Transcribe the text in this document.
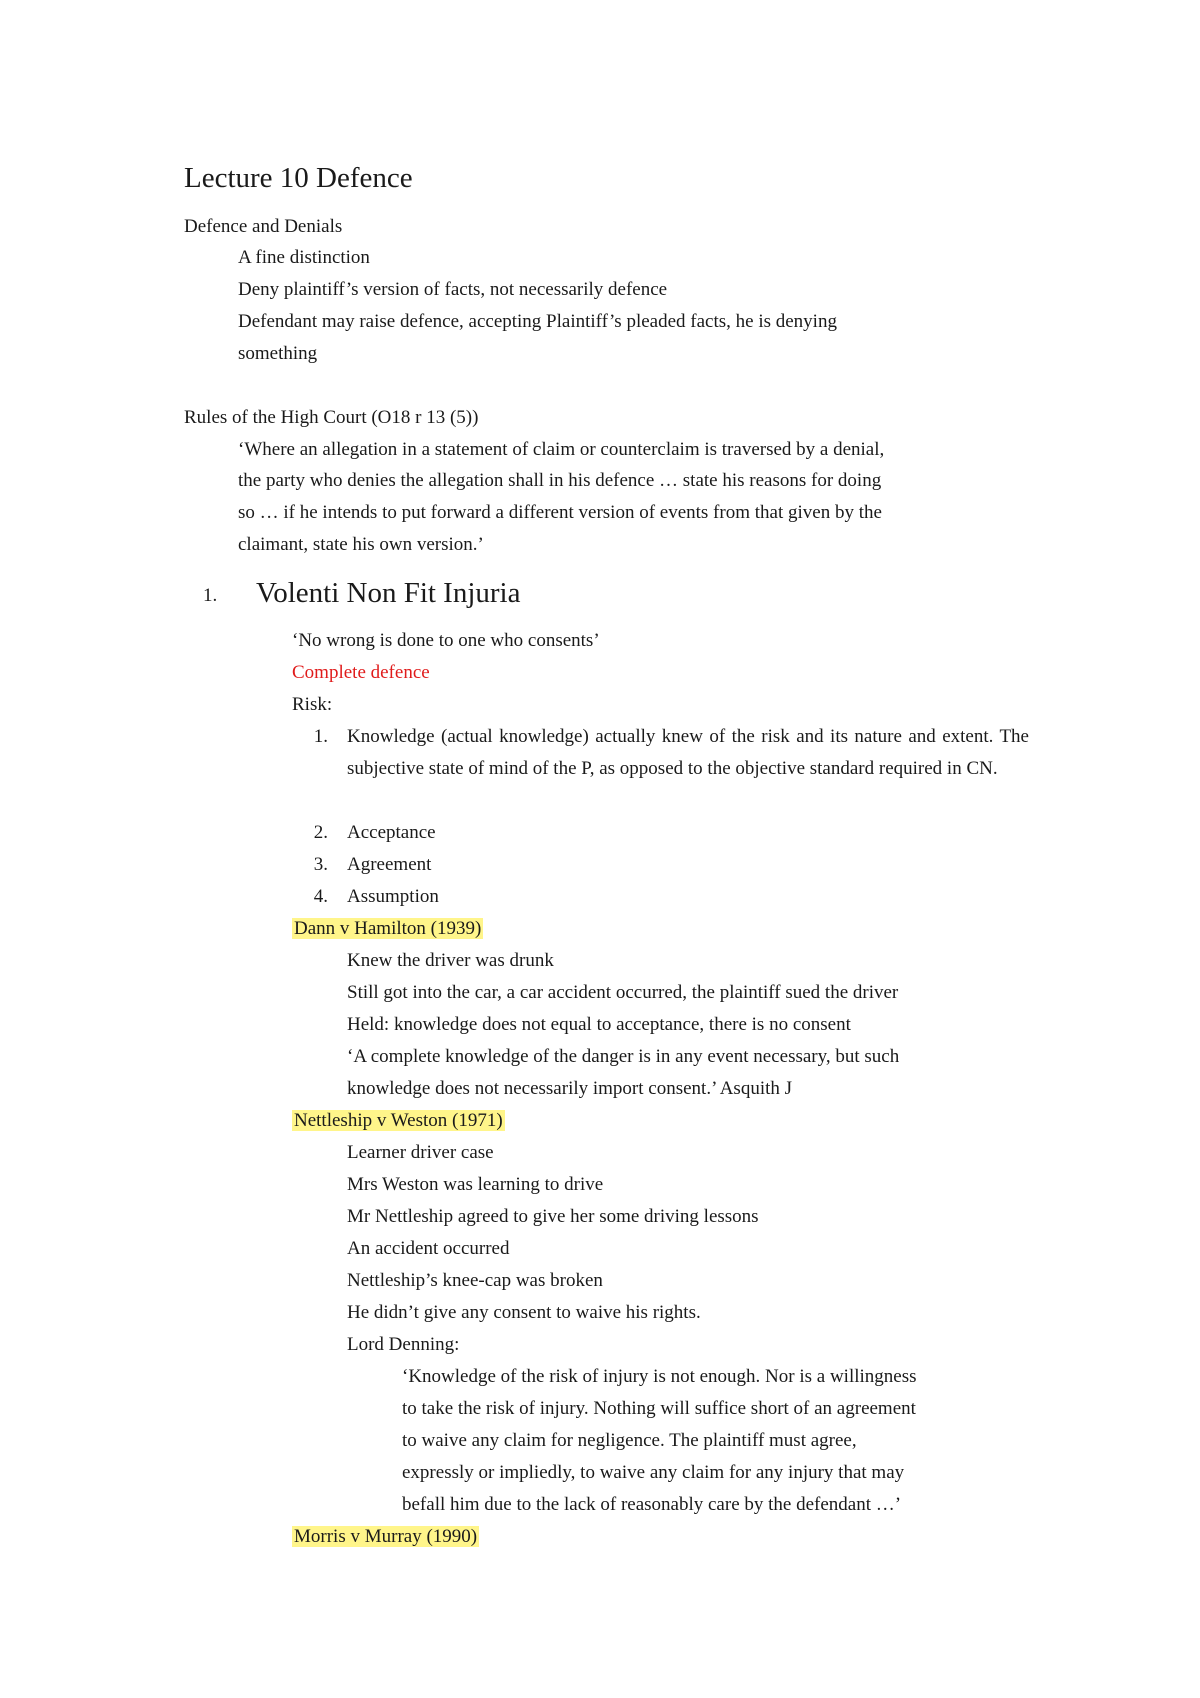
Lecture 10 Defence
Defence and Denials
A fine distinction
Deny plaintiff’s version of facts, not necessarily defence
Defendant may raise defence, accepting Plaintiff’s pleaded facts, he is denying
something
Rules of the High Court (O18 r 13 (5))
‘Where an allegation in a statement of claim or counterclaim is traversed by a denial,
the party who denies the allegation shall in his defence … state his reasons for doing
so … if he intends to put forward a different version of events from that given by the
claimant, state his own version.’
1. Volenti Non Fit Injuria
‘No wrong is done to one who consents’
Complete defence
Risk:
1. Knowledge (actual knowledge) actually knew of the risk and its nature and extent. The subjective state of mind of the P, as opposed to the objective standard required in CN.
2. Acceptance
3. Agreement
4. Assumption
Dann v Hamilton (1939)
Knew the driver was drunk
Still got into the car, a car accident occurred, the plaintiff sued the driver
Held: knowledge does not equal to acceptance, there is no consent
‘A complete knowledge of the danger is in any event necessary, but such
knowledge does not necessarily import consent.’ Asquith J
Nettleship v Weston (1971)
Learner driver case
Mrs Weston was learning to drive
Mr Nettleship agreed to give her some driving lessons
An accident occurred
Nettleship’s knee-cap was broken
He didn’t give any consent to waive his rights.
Lord Denning:
‘Knowledge of the risk of injury is not enough. Nor is a willingness
to take the risk of injury. Nothing will suffice short of an agreement
to waive any claim for negligence. The plaintiff must agree,
expressly or impliedly, to waive any claim for any injury that may
befall him due to the lack of reasonably care by the defendant …’
Morris v Murray (1990)
